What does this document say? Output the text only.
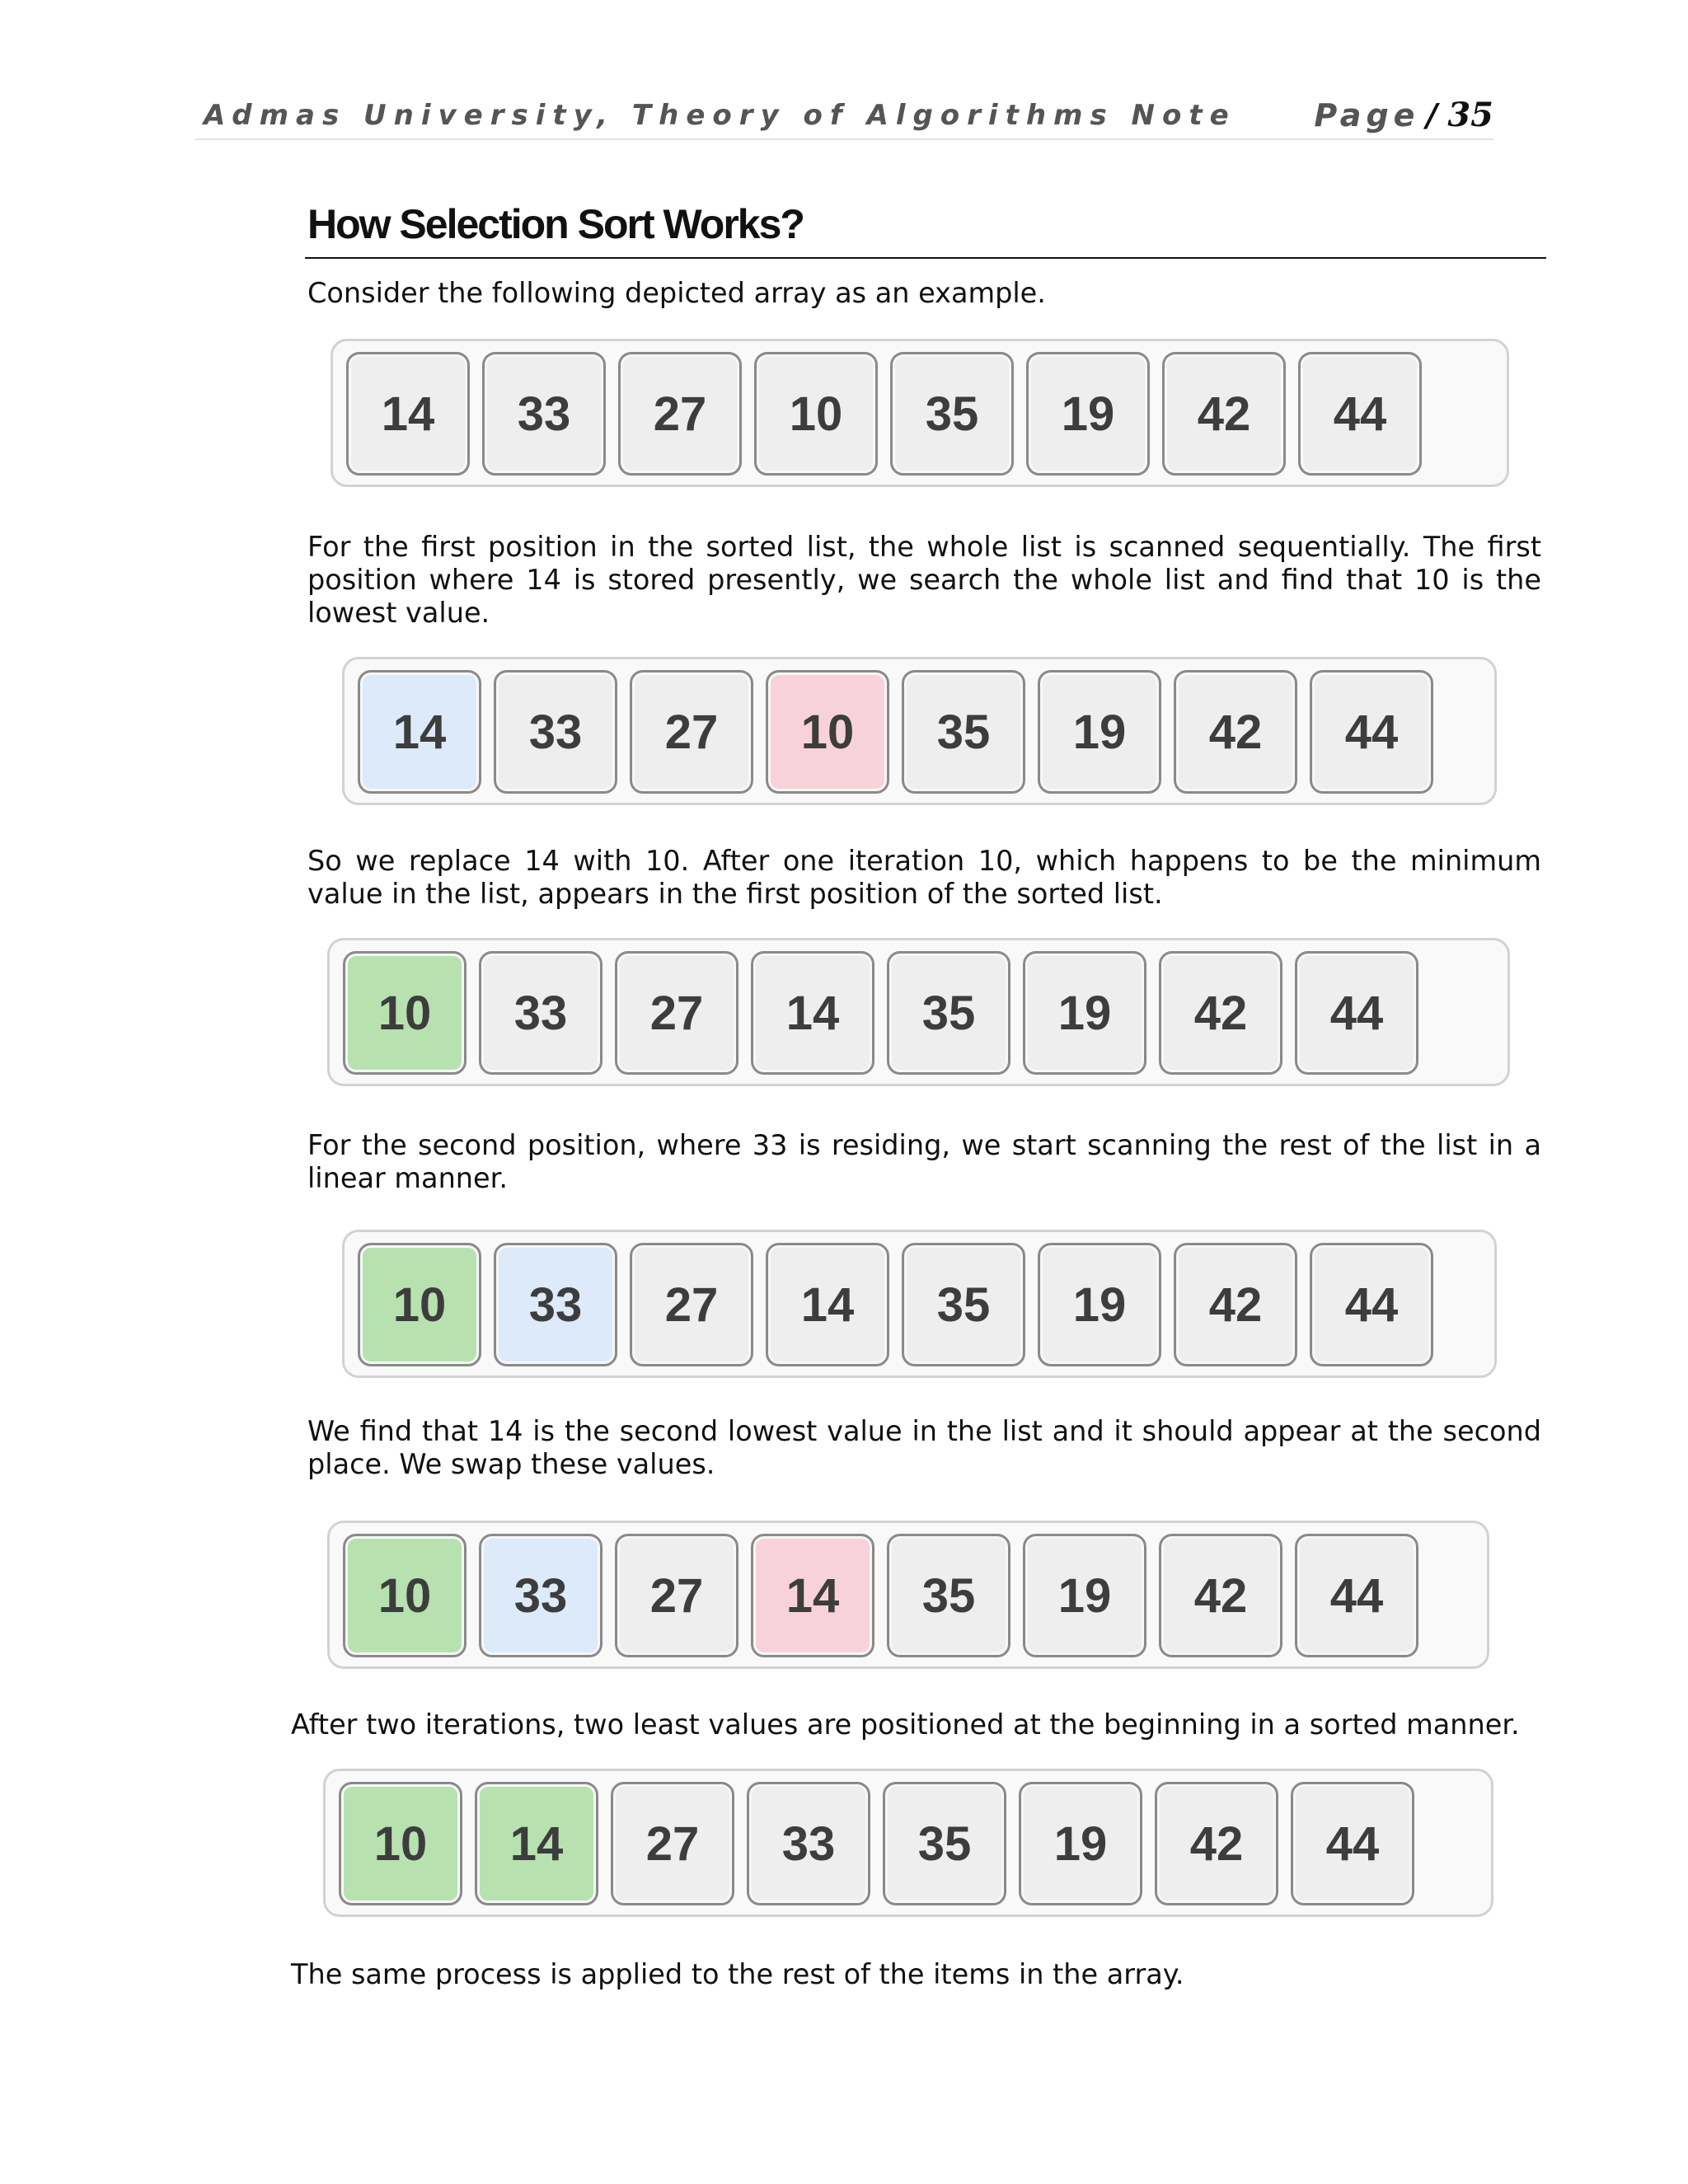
Admas University, Theory of Algorithms Note Page / 35
How Selection Sort Works?

Consider the following depicted array as an example.

14	33	27	10	35	19	42	44

For the first position in the sorted list, the whole list is scanned sequentially. The first position where 14 is stored presently, we search the whole list and find that 10 is the lowest value.

14	33	27	10	35	19	42	44

So we replace 14 with 10. After one iteration 10, which happens to be the minimum value in the list, appears in the first position of the sorted list.

10	33	27	14	35	19	42	44

For the second position, where 33 is residing, we start scanning the rest of the list in a linear manner.

10	33	27	14	35	19	42	44

We find that 14 is the second lowest value in the list and it should appear at the second place. We swap these values.

10	33	27	14	35	19	42	44

After two iterations, two least values are positioned at the beginning in a sorted manner.

10	14	27	33	35	19	42	44

The same process is applied to the rest of the items in the array.
